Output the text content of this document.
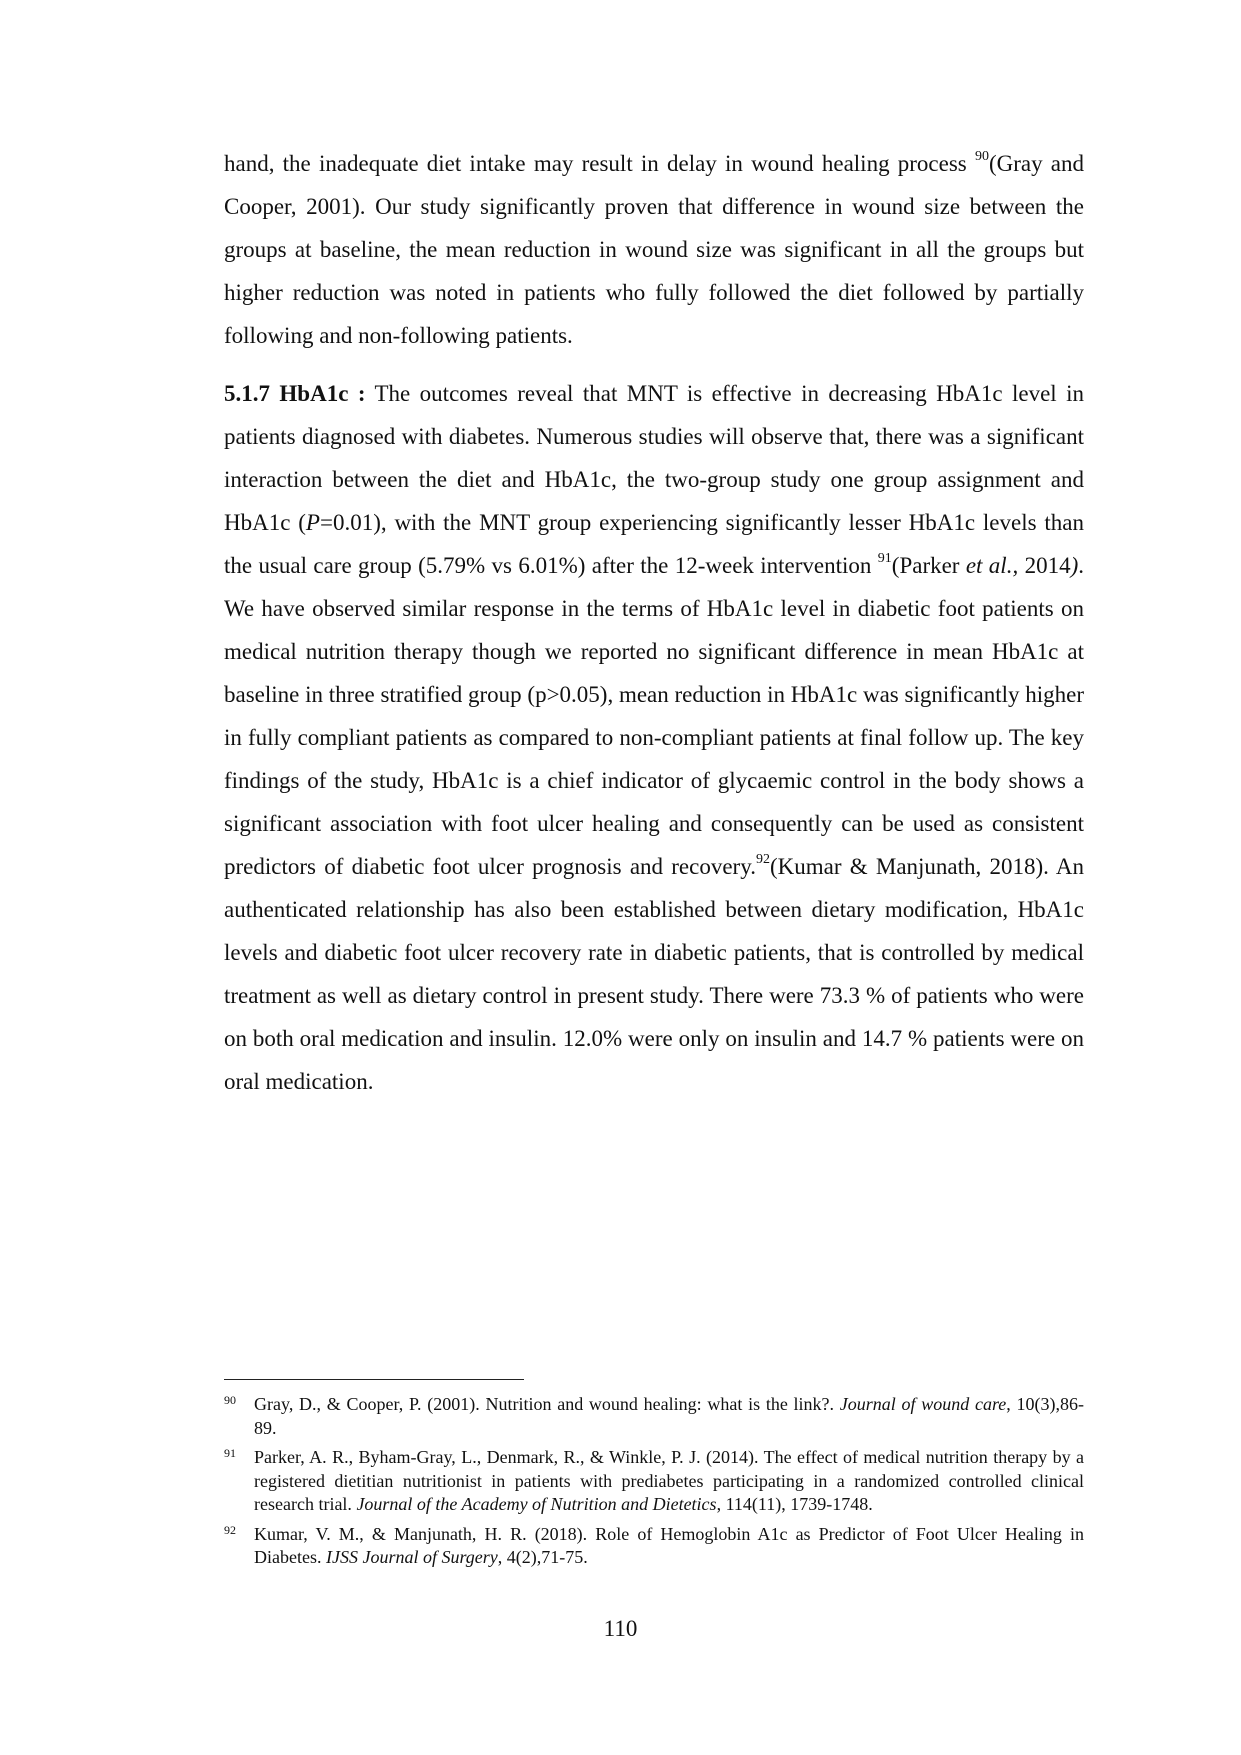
hand, the inadequate diet intake may result in delay in wound healing process $^{90}$(Gray and Cooper, 2001). Our study significantly proven that difference in wound size between the groups at baseline, the mean reduction in wound size was significant in all the groups but higher reduction was noted in patients who fully followed the diet followed by partially following and non-following patients.

5.1.7 HbA1c : The outcomes reveal that MNT is effective in decreasing HbA1c level in patients diagnosed with diabetes. Numerous studies will observe that, there was a significant interaction between the diet and HbA1c, the two-group study one group assignment and HbA1c (P=0.01), with the MNT group experiencing significantly lesser HbA1c levels than the usual care group (5.79% vs 6.01%) after the 12-week intervention $^{91}$(Parker et al., 2014). We have observed similar response in the terms of HbA1c level in diabetic foot patients on medical nutrition therapy though we reported no significant difference in mean HbA1c at baseline in three stratified group (p>0.05), mean reduction in HbA1c was significantly higher in fully compliant patients as compared to non-compliant patients at final follow up. The key findings of the study, HbA1c is a chief indicator of glycaemic control in the body shows a significant association with foot ulcer healing and consequently can be used as consistent predictors of diabetic foot ulcer prognosis and recovery.$^{92}$(Kumar & Manjunath, 2018). An authenticated relationship has also been established between dietary modification, HbA1c levels and diabetic foot ulcer recovery rate in diabetic patients, that is controlled by medical treatment as well as dietary control in present study. There were 73.3 % of patients who were on both oral medication and insulin. 12.0% were only on insulin and 14.7 % patients were on oral medication.

90 Gray, D., & Cooper, P. (2001). Nutrition and wound healing: what is the link?. Journal of wound care, 10(3),86-89.
91 Parker, A. R., Byham-Gray, L., Denmark, R., & Winkle, P. J. (2014). The effect of medical nutrition therapy by a registered dietitian nutritionist in patients with prediabetes participating in a randomized controlled clinical research trial. Journal of the Academy of Nutrition and Dietetics, 114(11), 1739-1748.
92 Kumar, V. M., & Manjunath, H. R. (2018). Role of Hemoglobin A1c as Predictor of Foot Ulcer Healing in Diabetes. IJSS Journal of Surgery, 4(2),71-75.
110
